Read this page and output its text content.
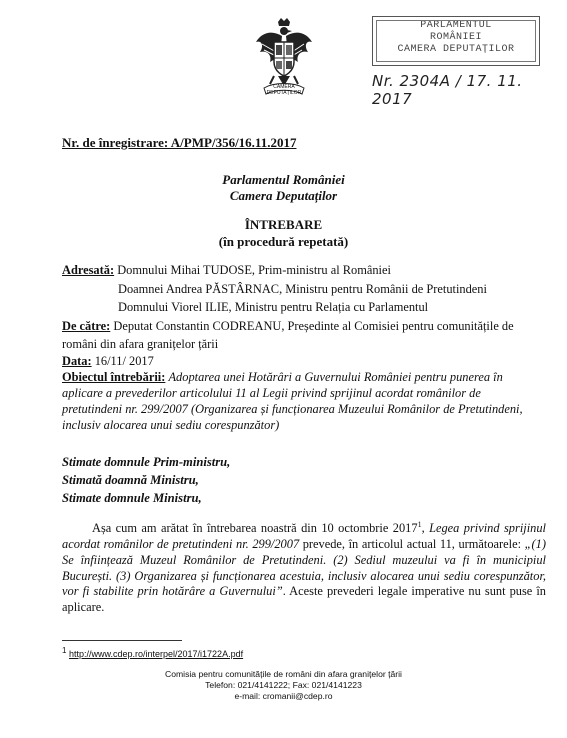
CAMERA DEPUTAȚILOR
PARLAMENTUL
ROMÂNIEI
CAMERA DEPUTAȚILOR
Nr. 2304A / 17. 11. 2017
Nr. de înregistrare: A/PMP/356/16.11.2017
Parlamentul României
Camera Deputaților
ÎNTREBARE
(în procedură repetată)
Adresată: Domnului Mihai TUDOSE, Prim-ministru al României
Doamnei Andrea PĂSTÂRNAC, Ministru pentru Românii de Pretutindeni
Domnului Viorel ILIE, Ministru pentru Relația cu Parlamentul
De către: Deputat Constantin CODREANU, Președinte al Comisiei pentru comunitățile de
români din afara granițelor țării
Data: 16/11/ 2017
Obiectul întrebării: Adoptarea unei Hotărâri a Guvernului României pentru punerea în
aplicare a prevederilor articolului 11 al Legii privind sprijinul acordat românilor de
pretutindeni nr. 299/2007 (Organizarea și funcționarea Muzeului Românilor de Pretutindeni,
inclusiv alocarea unui sediu corespunzător)
Stimate domnule Prim-ministru,
Stimată doamnă Ministru,
Stimate domnule Ministru,
Așa cum am arătat în întrebarea noastră din 10 octombrie 2017$^1$, Legea privind sprijinul acordat românilor de pretutindeni nr. 299/2007 prevede, în articolul actual 11, următoarele: „(1) Se înființează Muzeul Românilor de Pretutindeni. (2) Sediul muzeului va fi în municipiul București. (3) Organizarea și funcționarea acestuia, inclusiv alocarea unui sediu corespunzător, vor fi stabilite prin hotărâre a Guvernului”. Aceste prevederi legale imperative nu sunt puse în aplicare.
$^1$ http://www.cdep.ro/interpel/2017/i1722A.pdf
Comisia pentru comunitățile de români din afara granițelor țării
Telefon: 021/4141222; Fax: 021/4141223
e-mail: cromanii@cdep.ro
